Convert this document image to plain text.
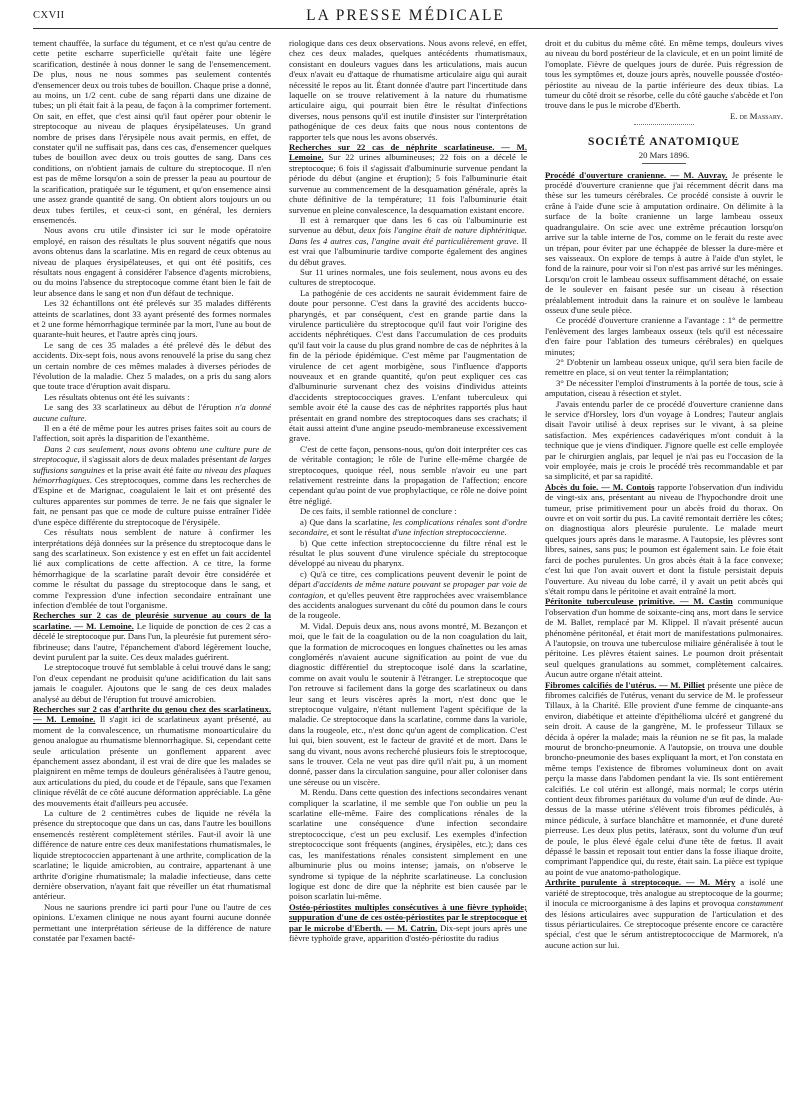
CXVII	LA PRESSE MÉDICALE

tement chauffée, la surface du tégument, et ce n'est qu'au centre de cette petite escharre superficielle qu'était faite une légère scarification, destinée à nous donner le sang de l'ensemencement. De plus, nous ne nous sommes pas seulement contentés d'ensemencer deux ou trois tubes de bouillon. Chaque prise a donné, au moins, un 1/2 cent. cube de sang réparti dans une dizaine de tubes; un pli était fait à la peau, de façon à la comprimer fortement. On sait, en effet, que c'est ainsi qu'il faut opérer pour obtenir le streptocoque au niveau de plaques érysipélateuses. Un grand nombre de prises dans l'érysipèle nous avait permis, en effet, de constater qu'il ne suffisait pas, dans ces cas, d'ensemencer quelques tubes de bouillon avec deux ou trois gouttes de sang. Dans ces conditions, on n'obtient jamais de culture du streptocoque. Il n'en est pas de même lorsqu'on a soin de presser la peau au pourtour de la scarification, pratiquée sur le tégument, et qu'on ensemence ainsi une assez grande quantité de sang. On obtient alors toujours un ou deux tubes fertiles, et ceux-ci sont, en général, les derniers ensemencés.

Nous avons cru utile d'insister ici sur le mode opératoire employé, en raison des résultats le plus souvent négatifs que nous avons obtenus dans la scarlatine. Mis en regard de ceux obtenus au niveau de plaques érysipélateuses, et qui ont été positifs, ces résultats nous engagent à considérer l'absence d'agents microbiens, ou du moins l'absence du streptocoque comme étant bien le fait de leur absence dans le sang et non d'un défaut de technique.

Les 32 échantillons ont été prélevés sur 35 malades différents atteints de scarlatines, dont 33 ayant présenté des formes normales et 2 une forme hémorrhagique terminée par la mort, l'une au bout de quarante-huit heures, et l'autre après cinq jours.

Le sang de ces 35 malades a été prélevé dès le début des accidents. Dix-sept fois, nous avons renouvelé la prise du sang chez un certain nombre de ces mêmes malades à diverses périodes de l'évolution de la maladie. Chez 5 malades, on a pris du sang alors que toute trace d'éruption avait disparu.

Les résultats obtenus ont été les suivants :

Le sang des 33 scarlatineux au début de l'éruption n'a donné aucune culture.

Il en a été de même pour les autres prises faites soit au cours de l'affection, soit après la disparition de l'exanthème.

Dans 2 cas seulement, nous avons obtenu une culture pure de streptocoque, il s'agissait alors de deux malades présentant de larges suffusions sanguines et la prise avait été faite au niveau des plaques hémorrhagiques. Ces streptocoques, comme dans les recherches de d'Espine et de Marignac, coagulaient le lait et ont présenté des cultures apparentes sur pommes de terre. Je ne fais que signaler le fait, ne pensant pas que ce mode de culture puisse entraîner l'idée d'une espèce différente du streptocoque de l'érysipèle.

Ces résultats nous semblent de nature à confirmer les interprétations déjà données sur la présence du streptocoque dans le sang des scarlatineux. Son existence y est en effet un fait accidentel lié aux complications de cette affection. A ce titre, la forme hémorrhagique de la scarlatine paraît devoir être considérée et comme le résultat du passage du streptocoque dans le sang, et comme l'expression d'une infection secondaire entraînant une infection d'emblée de tout l'organisme.

Recherches sur 2 cas de pleurésie survenue au cours de la scarlatine. — M. Lemoine. Le liquide de ponction de ces 2 cas a décelé le streptocoque pur. Dans l'un, la pleurésie fut purement séro-fibrineuse; dans l'autre, l'épanchement d'abord légèrement louche, devint purulent par la suite. Ces deux malades guérirent.

Le streptocoque trouvé fut semblable à celui trouvé dans le sang; l'on d'eux cependant ne produisit qu'une acidification du lait sans jamais le coaguler. Ajoutons que le sang de ces deux malades analysé au début de l'éruption fut trouvé amicrobien.

Recherches sur 2 cas d'arthrite du genou chez des scarlatineux. — M. Lemoine. Il s'agit ici de scarlatineux ayant présenté, au moment de la convalescence, un rhumatisme monoarticulaire du genou analogue au rhumatisme blennorrhagique. Si, cependant cette seule articulation présente un gonflement apparent avec épanchement assez abondant, il est vrai de dire que les malades se plaignirent en même temps de douleurs généralisées à l'autre genou, aux articulations du pied, du coude et de l'épaule, sans que l'examen clinique révélât de ce côté aucune déformation appréciable. La gêne des mouvements était d'ailleurs peu accusée.

La culture de 2 centimètres cubes de liquide ne révéla la présence du streptocoque que dans un cas, dans l'autre les bouillons ensemencés restèrent complètement stériles. Faut-il avoir là une différence de nature entre ces deux manifestations rhumatismales, le liquide streptococcien appartenant à une arthrite, complication de la scarlatine; le liquide amicrobien, au contraire, appartenant à une arthrite d'origine rhumatismale; la maladie infectieuse, dans cette dernière observation, n'ayant fait que réveiller un état rhumatismal antérieur.

Nous ne saurions prendre ici parti pour l'une ou l'autre de ces opinions. L'examen clinique ne nous ayant fourni aucune donnée permettant une interprétation sérieuse de la différence de nature constatée par l'examen bacté-

riologique dans ces deux observations. Nous avons relevé, en effet, chez ces deux malades, quelques antécédents rhumatismaux, consistant en douleurs vagues dans les articulations, mais aucun d'eux n'avait eu d'attaque de rhumatisme articulaire aigu qui aurait nécessité le repos au lit. Étant donnée d'autre part l'incertitude dans laquelle on se trouve relativement à la nature du rhumatisme articulaire aigu, qui pourrait bien être le résultat d'infections diverses, nous pensons qu'il est inutile d'insister sur l'interprétation pathogénique de ces deux faits que nous nous contentons de rapporter tels que nous les avons observés.

Recherches sur 22 cas de néphrite scarlatineuse. — M. Lemoine. Sur 22 urines albumineuses; 22 fois on a décelé le streptocoque; 6 fois il s'agissait d'albuminurie survenue pendant la période du début (angine et éruption); 5 fois l'albuminurie était survenue au commencement de la desquamation générale, après la chute définitive de la température; 11 fois l'albuminurie était survenue en pleine convalescence, la desquamation existant encore.

Il est à remarquer que dans les 6 cas où l'albuminurie est survenue au début, deux fois l'angine était de nature diphtéritique. Dans les 4 autres cas, l'angine avait été particulièrement grave. Il est vrai que l'albuminurie tardive comporte également des angines du début graves.

Sur 11 urines normales, une fois seulement, nous avons eu des cultures de streptocoque.

La pathogénie de ces accidents ne saurait évidemment faire de doute pour personne. C'est dans la gravité des accidents bucco-pharyngés, et par conséquent, c'est en grande partie dans la virulence particulière du streptocoque qu'il faut voir l'origine des accidents néphrétiques. C'est dans l'accumulation de ces produits qu'il faut voir la cause du plus grand nombre de cas de néphrites à la fin de la période épidémique. C'est même par l'augmentation de virulence de cet agent morbigène, sous l'influence d'apports nouveaux et en grande quantité, qu'on peut expliquer ces cas d'albuminurie survenant chez des voisins d'individus atteints d'accidents streptococciques graves. L'enfant tuberculeux qui semble avoir été la cause des cas de néphrites rapportés plus haut présentait en grand nombre des streptocoques dans ses crachats; il était aussi atteint d'une angine pseudo-membraneuse excessivement grave.

C'est de cette façon, pensons-nous, qu'on doit interpréter ces cas de véritable contagion; le rôle de l'urine elle-même chargée de streptocoques, quoique réel, nous semble n'avoir eu une part relativement restreinte dans la propagation de l'affection; encore cependant qu'au point de vue prophylactique, ce rôle ne doive point être négligé.

De ces faits, il semble rationnel de conclure :

a) Que dans la scarlatine, les complications rénales sont d'ordre secondaire, et sont le résultat d'une infection streptococcienne.

b) Que cette infection streptococcienne du filtre rénal est le résultat le plus souvent d'une virulence spéciale du streptocoque développé au niveau du pharynx.

c) Qu'à ce titre, ces complications peuvent devenir le point de départ d'accidents de même nature pouvant se propager par voie de contagion, et qu'elles peuvent être rapprochées avec vraisemblance des accidents analogues survenant du côté du poumon dans le cours de la rougeole.

M. Vidal. Depuis deux ans, nous avons montré, M. Bezançon et moi, que le fait de la coagulation ou de la non coagulation du lait, que la formation de microcoques en longues chaînettes ou les amas conglomérés n'avaient aucune signification au point de vue du diagnostic différentiel du streptocoque isolé dans la scarlatine, comme on avait voulu le soutenir à l'étranger. Le streptocoque que l'on retrouve si facilement dans la gorge des scarlatineux ou dans leur sang et leurs viscères après la mort, n'est donc que le streptocoque vulgaire, n'étant nullement l'agent spécifique de la maladie. Ce streptocoque dans la scarlatine, comme dans la variole, dans la rougeole, etc., n'est donc qu'un agent de complication. C'est lui qui, bien souvent, est le facteur de gravité et de mort. Dans le sang du vivant, nous avons recherché plusieurs fois le streptocoque, sans le trouver. Cela ne veut pas dire qu'il n'ait pu, à un moment donné, passer dans la circulation sanguine, pour aller coloniser dans une séreuse ou un viscère.

M. Rendu. Dans cette question des infections secondaires venant compliquer la scarlatine, il me semble que l'on oublie un peu la scarlatine elle-même. Faire des complications rénales de la scarlatine une conséquence d'une infection secondaire streptococcique, c'est un peu exclusif. Les exemples d'infection streptococcique sont fréquents (angines, érysipèles, etc.); dans ces cas, les manifestations rénales consistent simplement en une albuminurie plus ou moins intense; jamais, on n'observe le syndrome si typique de la néphrite scarlatineuse. La conclusion logique est donc de dire que la néphrite est bien causée par le poison scarlatin lui-même.

Ostéo-périostites multiples consécutives à une fièvre typhoïde; suppuration d'une de ces ostéo-périostites par le streptocoque et par le microbe d'Eberth. — M. Catrin. Dix-sept jours après une fièvre typhoïde grave, apparition d'ostéo-périostite du radius

droit et du cubitus du même côté. En même temps, douleurs vives au niveau du bord postérieur de la clavicule, et en un point limité de l'omoplate. Fièvre de quelques jours de durée. Puis régression de tous les symptômes et, douze jours après, nouvelle poussée d'ostéo-périostite au niveau de la partie inférieure des deux tibias. La tumeur du côté droit se résorbe, celle du côté gauche s'abcède et l'on trouve dans le pus le microbe d'Eberth.

E. de Massary.

SOCIÉTÉ ANATOMIQUE
20 Mars 1896.

Procédé d'ouverture cranienne. — M. Auvray. Je présente le procédé d'ouverture cranienne que j'ai récemment décrit dans ma thèse sur les tumeurs cérébrales. Ce procédé consiste à ouvrir le crâne à l'aide d'une scie à amputation ordinaire. On délimite à la surface de la boîte cranienne un large lambeau osseux quadrangulaire. On scie avec une extrême précaution lorsqu'on arrive sur la table interne de l'os, comme on le ferait du reste avec un trépan, pour éviter par une échappée de blesser la dure-mère et ses vaisseaux. On explore de temps à autre à l'aide d'un stylet, le fond de la rainure, pour voir si l'on n'est pas arrivé sur les méninges. Lorsqu'on croit le lambeau osseux suffisamment détaché, on essaie de le soulever en faisant pesée sur un ciseau à résection préalablement introduit dans la rainure et on soulève le lambeau osseux d'une seule pièce.

Ce procédé d'ouverture cranienne a l'avantage : 1° de permettre l'enlèvement des larges lambeaux osseux (tels qu'il est nécessaire d'en faire pour l'ablation des tumeurs cérébrales) en quelques minutes;

2° D'obtenir un lambeau osseux unique, qu'il sera bien facile de remettre en place, si on veut tenter la réimplantation;

3° De nécessiter l'emploi d'instruments à la portée de tous, scie à amputation, ciseau à résection et stylet.

J'avais entendu parler de ce procédé d'ouverture cranienne dans le service d'Horsley, lors d'un voyage à Londres; l'auteur anglais disait l'avoir utilisé à deux reprises sur le vivant, à sa pleine satisfaction. Mes expériences cadavériques m'ont conduit à la technique que je viens d'indiquer. J'ignore quelle est celle employée par le chirurgien anglais, par lequel je n'ai pas eu l'occasion de la voir employée, mais je crois le procédé très recommandable et par sa simplicité, et par sa rapidité.

Abcès du foie. — M. Contois rapporte l'observation d'un individu de vingt-six ans, présentant au niveau de l'hypochondre droit une tumeur, prise primitivement pour un abcès froid du thorax. On ouvre et on voit sortir du pus. La cavité remontait derrière les côtes; on diagnostiqua alors pleurésie purulente. Le malade meurt quelques jours après dans le marasme. A l'autopsie, les plèvres sont libres, saines, sans pus; le poumon est également sain. Le foie était farci de poches purulentes. Un gros abcès était à la face convexe; c'est lui que l'on avait ouvert et dont la fistule persistait depuis l'ouverture. Au niveau du lobe carré, il y avait un petit abcès qui s'était rompu dans le péritoine et avait entraîné la mort.

Péritonite tuberculeuse primitive. — M. Castin communique l'observation d'un homme de soixante-cinq ans, mort dans le service de M. Ballet, remplacé par M. Klippel. Il n'avait présenté aucun phénomène péritonéal, et était mort de manifestations pulmonaires. A l'autopsie, on trouva une tuberculose miliaire généralisée à tout le péritoine. Les plèvres étaient saines. Le poumon droit présentait seul quelques granulations au sommet, complètement calcaires. Aucun autre organe n'était atteint.

Fibromes calcifiés de l'utérus. — M. Pilliet présente une pièce de fibromes calcifiés de l'utérus, venant du service de M. le professeur Tillaux, à la Charité. Elle provient d'une femme de cinquante-ans environ, diabétique et atteinte d'épithélioma ulcéré et gangrené du sein droit. A cause de la gangrène, M. le professeur Tillaux se décida à opérer la malade; mais la réunion ne se fit pas, la malade mourut de broncho-pneumonie. A l'autopsie, on trouva une double broncho-pneumonie des bases expliquant la mort, et l'on constata en même temps l'existence de fibromes volumineux dont on avait perçu la masse dans l'abdomen pendant la vie. Ils sont entièrement calcifiés. Le col utérin est allongé, mais normal; le corps utérin contient deux fibromes pariétaux du volume d'un œuf de dinde. Au-dessus de la masse utérine s'élèvent trois fibromes pédiculés, à mince pédicule, à surface blanchâtre et mamonnée, et d'une dureté pierreuse. Les deux plus petits, latéraux, sont du volume d'un œuf de poule, le plus élevé égale celui d'une tête de fœtus. Il avait dépassé le bassin et reposait tout entier dans la fosse iliaque droite, comprimant l'appendice qui, du reste, était sain. La pièce est typique au point de vue anatomo-pathologique.

Arthrite purulente à streptocoque. — M. Méry a isolé une variété de streptocoque, très analogue au streptocoque de la gourme; il inocula ce microorganisme à des lapins et provoqua constamment des lésions articulaires avec suppuration de l'articulation et des tissus périarticulaires. Ce streptocoque présente encore ce caractère spécial, c'est que le sérum antistreptococcique de Marmorek, n'a aucune action sur lui.
